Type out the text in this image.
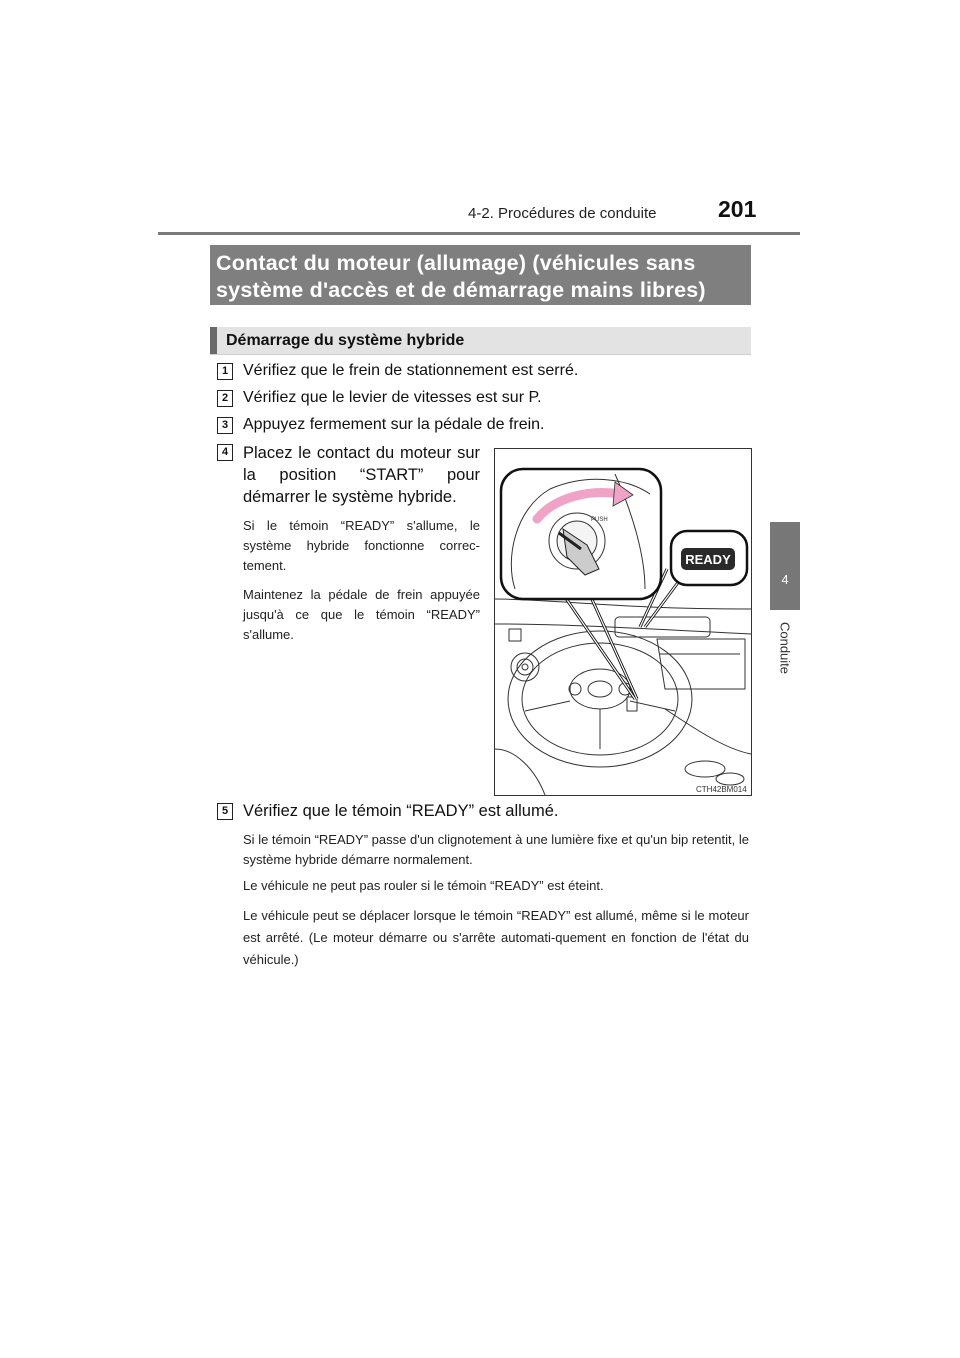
4-2. Procédures de conduite	201
4
Conduite
Contact du moteur (allumage) (véhicules sans
système d'accès et de démarrage mains libres)
Démarrage du système hybride
1 Vérifiez que le frein de stationnement est serré.
2 Vérifiez que le levier de vitesses est sur P.
3 Appuyez fermement sur la pédale de frein.
4 Placez le contact du moteur sur la position “START” pour démarrer le système hybride.
Si le témoin “READY” s'allume, le système hybride fonctionne correc-tement.
Maintenez la pédale de frein appuyée jusqu'à ce que le témoin “READY” s'allume.
PUSH
READY
CTH42BM014
5 Vérifiez que le témoin “READY” est allumé.
Si le témoin “READY” passe d'un clignotement à une lumière fixe et qu'un bip retentit, le système hybride démarre normalement.
Le véhicule ne peut pas rouler si le témoin “READY” est éteint.
Le véhicule peut se déplacer lorsque le témoin “READY” est allumé, même si le moteur est arrêté. (Le moteur démarre ou s'arrête automati-quement en fonction de l'état du véhicule.)
